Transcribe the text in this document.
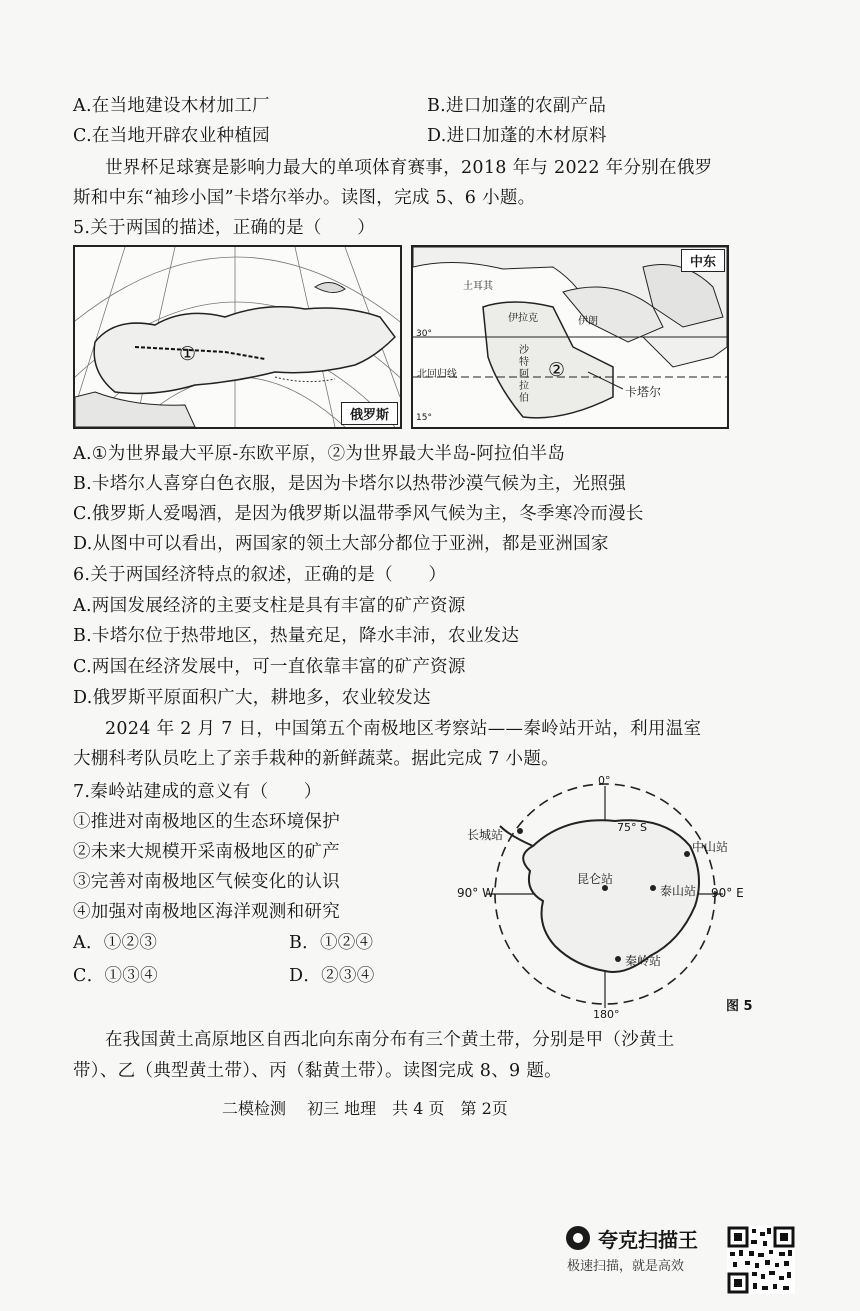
A.在当地建设木材加工厂	B.进口加蓬的农副产品
C.在当地开辟农业种植园	D.进口加蓬的木材原料
世界杯足球赛是影响力最大的单项体育赛事，2018 年与 2022 年分别在俄罗
斯和中东“袖珍小国”卡塔尔举办。读图，完成 5、6 小题。
5.关于两国的描述，正确的是（　　）
①
俄罗斯
中东
土耳其
伊拉克	伊朗
沙特阿拉伯
②
卡塔尔
30°
北回归线
15°
A.①为世界最大平原-东欧平原，②为世界最大半岛-阿拉伯半岛
B.卡塔尔人喜穿白色衣服，是因为卡塔尔以热带沙漠气候为主，光照强
C.俄罗斯人爱喝酒，是因为俄罗斯以温带季风气候为主，冬季寒冷而漫长
D.从图中可以看出，两国家的领土大部分都位于亚洲，都是亚洲国家
6.关于两国经济特点的叙述，正确的是（　　）
A.两国发展经济的主要支柱是具有丰富的矿产资源
B.卡塔尔位于热带地区，热量充足，降水丰沛，农业发达
C.两国在经济发展中，可一直依靠丰富的矿产资源
D.俄罗斯平原面积广大，耕地多，农业较发达
2024 年 2 月 7 日，中国第五个南极地区考察站——秦岭站开站，利用温室
大棚科考队员吃上了亲手栽种的新鲜蔬菜。据此完成 7 小题。
7.秦岭站建成的意义有（　　）
①推进对南极地区的生态环境保护
②未来大规模开采南极地区的矿产
③完善对南极地区气候变化的认识
④加强对南极地区海洋观测和研究
A．①②③	B．①②④
C．①③④	D．②③④
0°
180°
90° W	90° E
75° S
长城站
中山站
昆仑站
泰山站
秦岭站
图 5
在我国黄土高原地区自西北向东南分布有三个黄土带，分别是甲（沙黄土
带）、乙（典型黄土带）、丙（黏黄土带）。读图完成 8、9 题。
二模检测　 初三 地理　共 4 页　第 2页
夸克扫描王
极速扫描，就是高效
